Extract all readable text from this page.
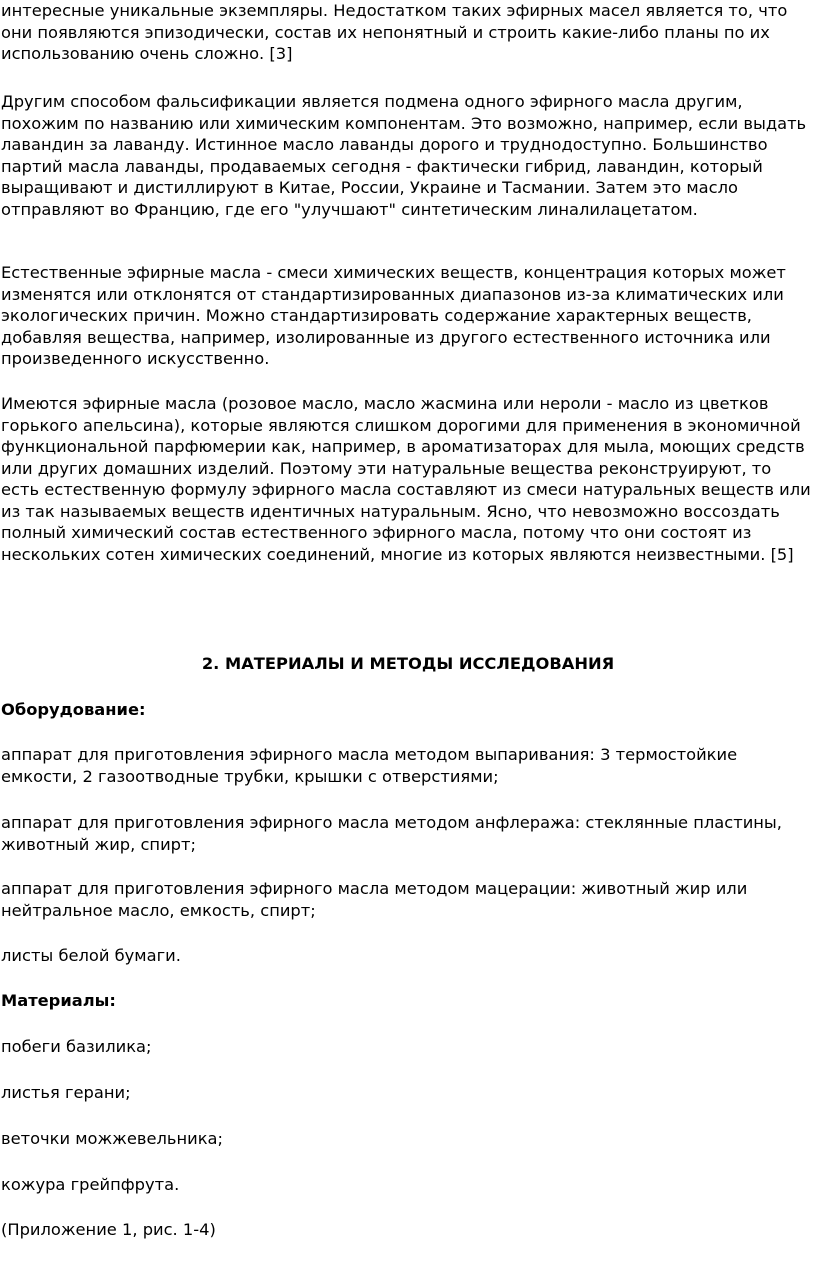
интересные уникальные экземпляры. Недостатком таких эфирных масел является то, что они появляются эпизодически, состав их непонятный и строить какие-либо планы по их использованию очень сложно. [3]

Другим способом фальсификации является подмена одного эфирного масла другим, похожим по названию или химическим компонентам. Это возможно, например, если выдать лавандин за лаванду. Истинное масло лаванды дорого и труднодоступно. Большинство партий масла лаванды, продаваемых сегодня - фактически гибрид, лавандин, который выращивают и дистиллируют в Китае, России, Украине и Тасмании. Затем это масло отправляют во Францию, где его "улучшают" синтетическим линалилацетатом.

Естественные эфирные масла - смеси химических веществ, концентрация которых может изменятся или отклонятся от стандартизированных диапазонов из-за климатических или экологических причин. Можно стандартизировать содержание характерных веществ, добавляя вещества, например, изолированные из другого естественного источника или произведенного искусственно.

Имеются эфирные масла (розовое масло, масло жасмина или нероли - масло из цветков горького апельсина), которые являются слишком дорогими для применения в экономичной функциональной парфюмерии как, например, в ароматизаторах для мыла, моющих средств или других домашних изделий. Поэтому эти натуральные вещества реконструируют, то есть естественную формулу эфирного масла составляют из смеси натуральных веществ или из так называемых веществ идентичных натуральным. Ясно, что невозможно воссоздать полный химический состав естественного эфирного масла, потому что они состоят из нескольких сотен химических соединений, многие из которых являются неизвестными. [5]

2. МАТЕРИАЛЫ И МЕТОДЫ ИССЛЕДОВАНИЯ

Оборудование:

аппарат для приготовления эфирного масла методом выпаривания: 3 термостойкие емкости, 2 газоотводные трубки, крышки с отверстиями;

аппарат для приготовления эфирного масла методом анфлеража: стеклянные пластины, животный жир, спирт;

аппарат для приготовления эфирного масла методом мацерации: животный жир или нейтральное масло, емкость, спирт;

листы белой бумаги.

Материалы:

побеги базилика;

листья герани;

веточки можжевельника;

кожура грейпфрута.

(Приложение 1, рис. 1-4)
